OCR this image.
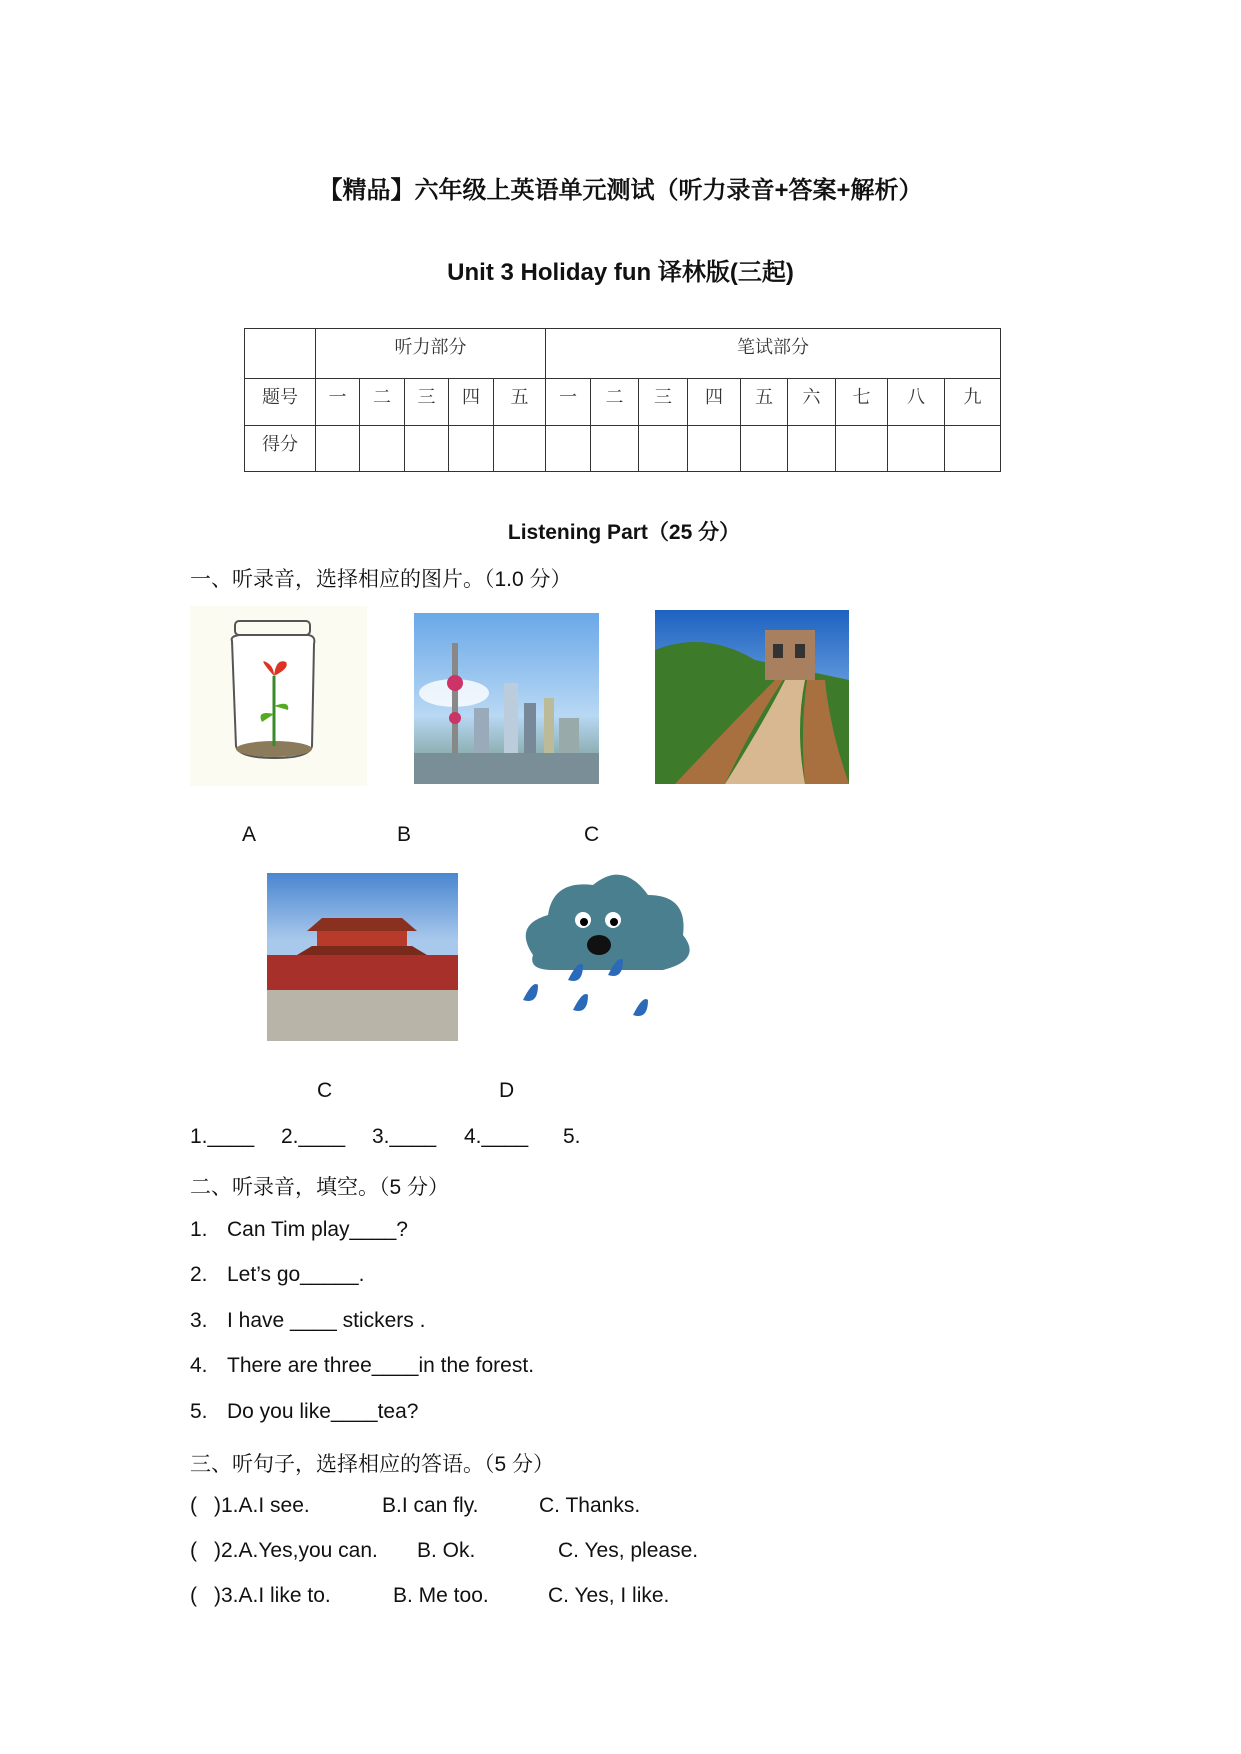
【精品】六年级上英语单元测试（听力录音+答案+解析）
Unit 3 Holiday fun 译林版(三起)
	听力部分					笔试部分								
题号	一	二	三	四	五	一	二	三	四	五	六	七	八	九
得分														
Listening Part（25 分）
一、听录音，选择相应的图片。（1.0 分）
A	B	C
C	D
1.____ 2.____ 3.____ 4.____ 5.
二、听录音，填空。（5 分）
1. Can Tim play____?
2. Let’s go_____.
3. I have ____ stickers .
4. There are three____in the forest.
5. Do you like____tea?
三、听句子，选择相应的答语。（5 分）
( )1.A.I see.	B.I can fly.	C. Thanks.
( )2.A.Yes,you can. B. Ok.	C. Yes, please.
( )3.A.I like to.	B. Me too.	C. Yes, I like.
